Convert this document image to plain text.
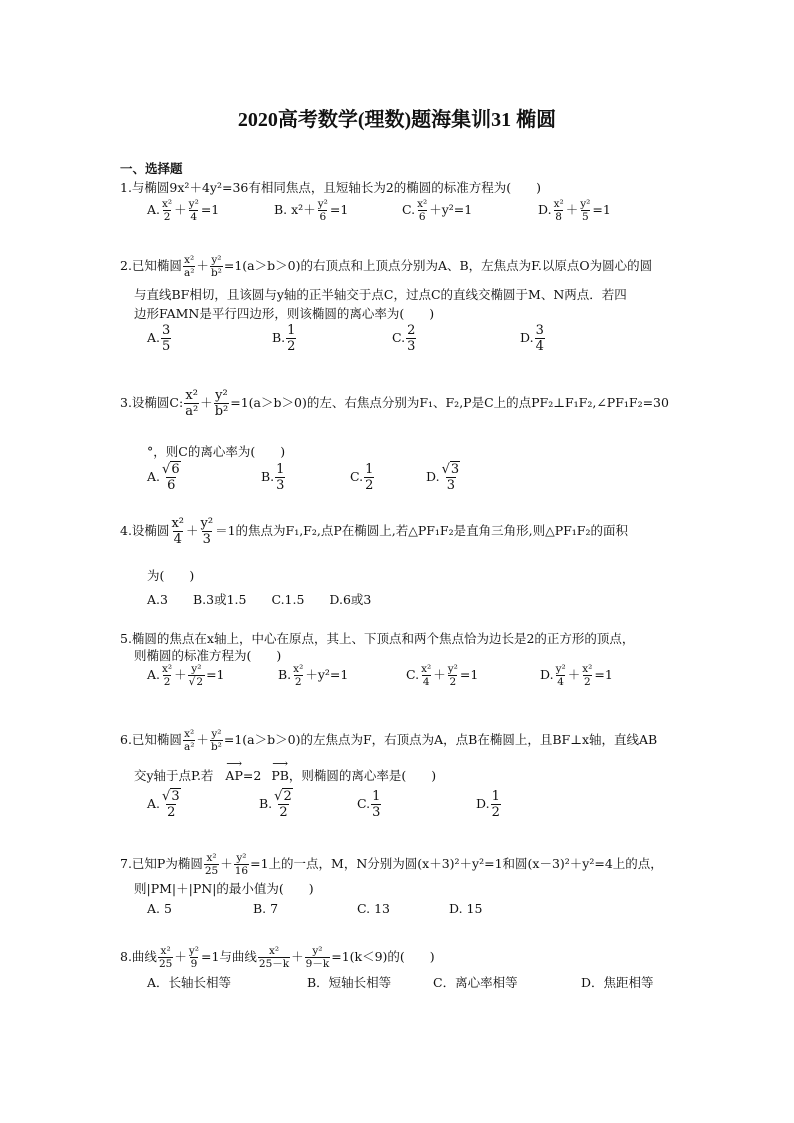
2020高考数学(理数)题海集训31 椭圆
一、选择题
1.与椭圆9x²＋4y²=36有相同焦点，且短轴长为2的椭圆的标准方程为(　　)
A. $\frac{\text{x²}}{2} + \frac{\text{y²}}{4} =1$	B. $x^2+ \frac{\text{y²}}{6} =1$	C. $\frac{\text{x²}}{6} +y^2=1$	D. $\frac{\text{x²}}{8} + \frac{\text{y²}}{5} =1$
2.已知椭圆 $\frac{\text{x²}}{\text{a²}} + \frac{\text{y²}}{\text{b²}} =1(a>b>0)$的右顶点和上顶点分别为A、B，左焦点为F.以原点O为圆心的圆
与直线BF相切，且该圆与y轴的正半轴交于点C，过点C的直线交椭圆于M、N两点．若四
边形FAMN是平行四边形，则该椭圆的离心率为(　　)
A. $\frac{3}{5}$	B. $\frac{1}{2}$	C. $\frac{2}{3}$	D. $\frac{3}{4}$
3.设椭圆C: $\frac{\text{x²}}{\text{a²}} + \frac{\text{y²}}{\text{b²}} =1(a>b>0)$的左、右焦点分别为F₁、F₂,P是C上的点PF₂⊥F₁F₂,∠PF₁F₂=30
°，则C的离心率为(　　)
A. $\frac{√6}{6}$	B. $\frac{1}{3}$	C. $\frac{1}{2}$	D. $\frac{√3}{3}$
4.设椭圆 $\frac{\text{x²}}{4} + \frac{\text{y²}}{3} =1$的焦点为F₁,F₂,点P在椭圆上,若△PF₁F₂是直角三角形,则△PF₁F₂的面积
为(　　)
A.3　　B.3或1.5　　C.1.5　　D.6或3
5.椭圆的焦点在x轴上，中心在原点，其上、下顶点和两个焦点恰为边长是2的正方形的顶点，
则椭圆的标准方程为(　　)
A. $\frac{\text{x²}}{2} + \frac{\text{y²}}{√2} =1$	B. $\frac{\text{x²}}{2} +y^2=1$	C. $\frac{\text{x²}}{4} + \frac{\text{y²}}{2} =1$	D. $\frac{\text{y²}}{4} + \frac{\text{x²}}{2} =1$
6.已知椭圆 $\frac{\text{x²}}{\text{a²}} + \frac{\text{y²}}{\text{b²}} =1(a>b>0)$的左焦点为F，右顶点为A，点B在椭圆上，且BF⊥x轴，直线AB
交y轴于点P.若 ⟶ AP=2 ⟶ PB，则椭圆的离心率是(　　)
A. $\frac{√3}{2}$	B. $\frac{√2}{2}$	C. $\frac{1}{3}$	D. $\frac{1}{2}$
7.已知P为椭圆 $\frac{\text{x²}}{25} + \frac{\text{y²}}{16} =1$上的一点，M，N分别为圆(x＋3)²＋y²=1和圆(x－3)²＋y²=4上的点，
则|PM|＋|PN|的最小值为(　　)
A. 5	B. 7	C. 13	D. 15
8.曲线 $\frac{\text{x²}}{25} + \frac{\text{y²}}{9} =1$与曲线 $\frac{\text{x²}}{25-k} + \frac{\text{y²}}{9-k} =1(k<9)$的(　　)
A．长轴长相等	B．短轴长相等	C．离心率相等	D．焦距相等
